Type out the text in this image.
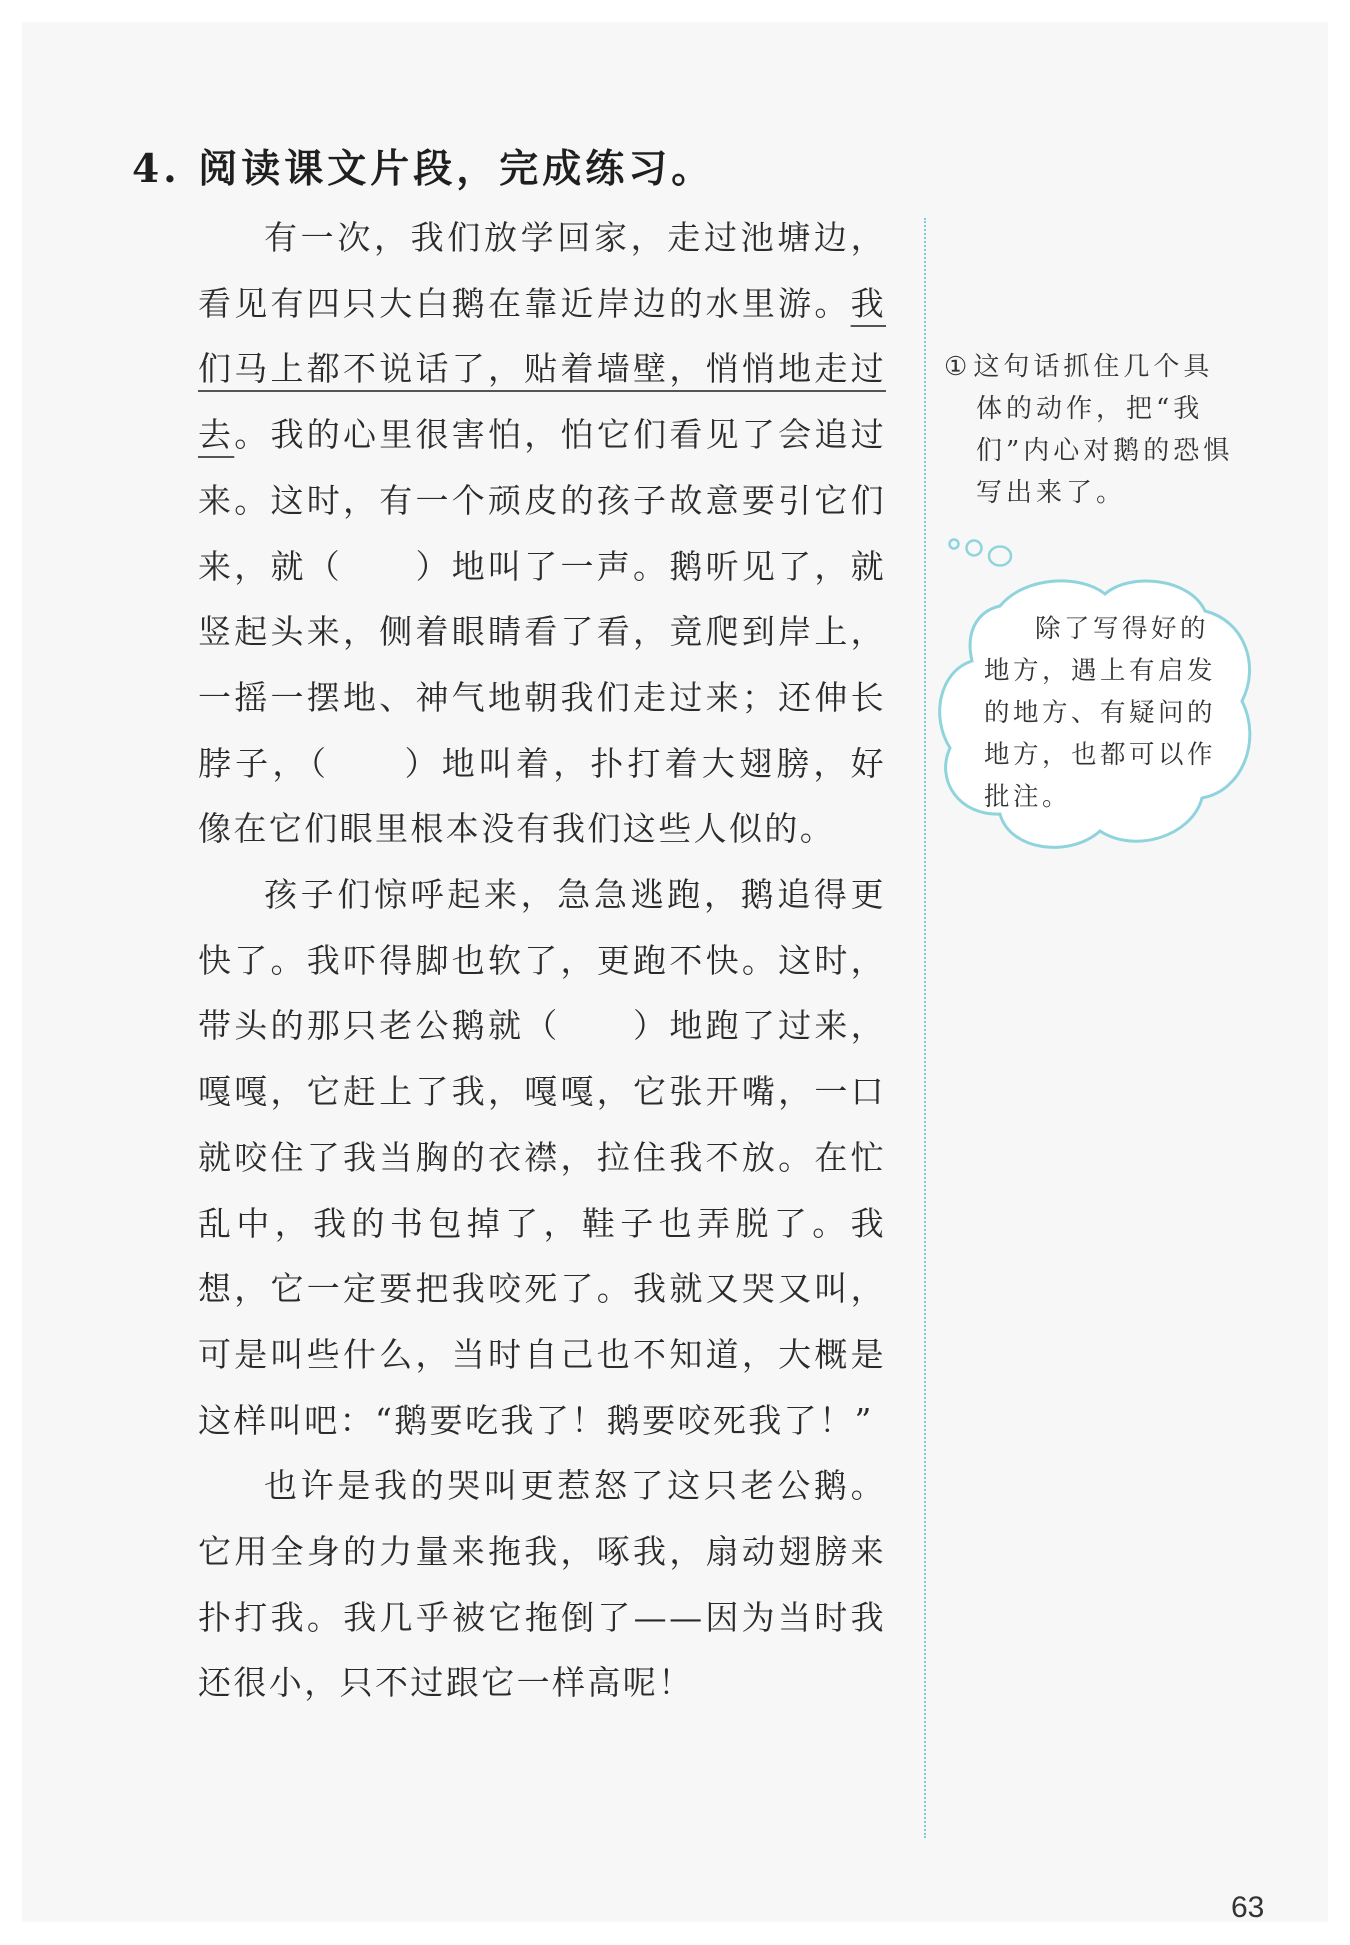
4. 阅读课文片段，完成练习。

有一次，我们放学回家，走过池塘边，看见有四只大白鹅在靠近岸边的水里游。我们马上都不说话了，贴着墙壁，悄悄地走过去。我的心里很害怕，怕它们看见了会追过来。这时，有一个顽皮的孩子故意要引它们来，就（　　）地叫了一声。鹅听见了，就竖起头来，侧着眼睛看了看，竟爬到岸上，一摇一摆地、神气地朝我们走过来；还伸长脖子，（　　）地叫着，扑打着大翅膀，好像在它们眼里根本没有我们这些人似的。

孩子们惊呼起来，急急逃跑，鹅追得更快了。我吓得脚也软了，更跑不快。这时，带头的那只老公鹅就（　　）地跑了过来，嘎嘎，它赶上了我，嘎嘎，它张开嘴，一口就咬住了我当胸的衣襟，拉住我不放。在忙乱中，我的书包掉了，鞋子也弄脱了。我想，它一定要把我咬死了。我就又哭又叫，可是叫些什么，当时自己也不知道，大概是这样叫吧：“鹅要吃我了！鹅要咬死我了！”

也许是我的哭叫更惹怒了这只老公鹅。它用全身的力量来拖我，啄我，扇动翅膀来扑打我。我几乎被它拖倒了——因为当时我还很小，只不过跟它一样高呢！

①这句话抓住几个具体的动作，把“我们”内心对鹅的恐惧写出来了。

除了写得好的地方，遇上有启发的地方、有疑问的地方，也都可以作批注。

63
